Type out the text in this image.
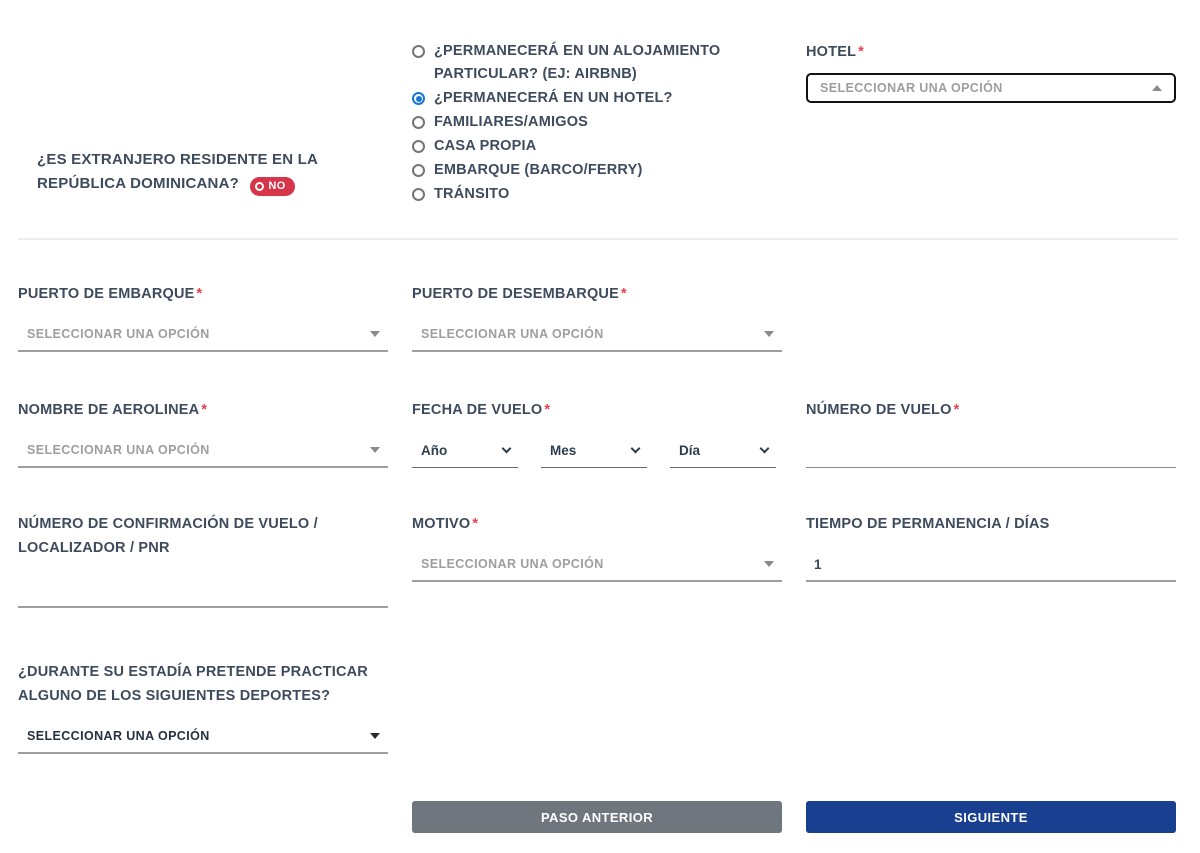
¿ES EXTRANJERO RESIDENTE EN LA REPÚBLICA DOMINICANA?	NO
¿PERMANECERÁ EN UN ALOJAMIENTO PARTICULAR? (EJ: AIRBNB)
¿PERMANECERÁ EN UN HOTEL?
FAMILIARES/AMIGOS
CASA PROPIA
EMBARQUE (BARCO/FERRY)
TRÁNSITO
HOTEL *
SELECCIONAR UNA OPCIÓN
PUERTO DE EMBARQUE *
SELECCIONAR UNA OPCIÓN
PUERTO DE DESEMBARQUE *
SELECCIONAR UNA OPCIÓN
NOMBRE DE AEROLINEA *
SELECCIONAR UNA OPCIÓN
FECHA DE VUELO *
Año	Mes	Día
NÚMERO DE VUELO *
NÚMERO DE CONFIRMACIÓN DE VUELO / LOCALIZADOR / PNR
MOTIVO *
SELECCIONAR UNA OPCIÓN
TIEMPO DE PERMANENCIA / DÍAS
1
¿DURANTE SU ESTADÍA PRETENDE PRACTICAR ALGUNO DE LOS SIGUIENTES DEPORTES?
SELECCIONAR UNA OPCIÓN
PASO ANTERIOR	SIGUIENTE
